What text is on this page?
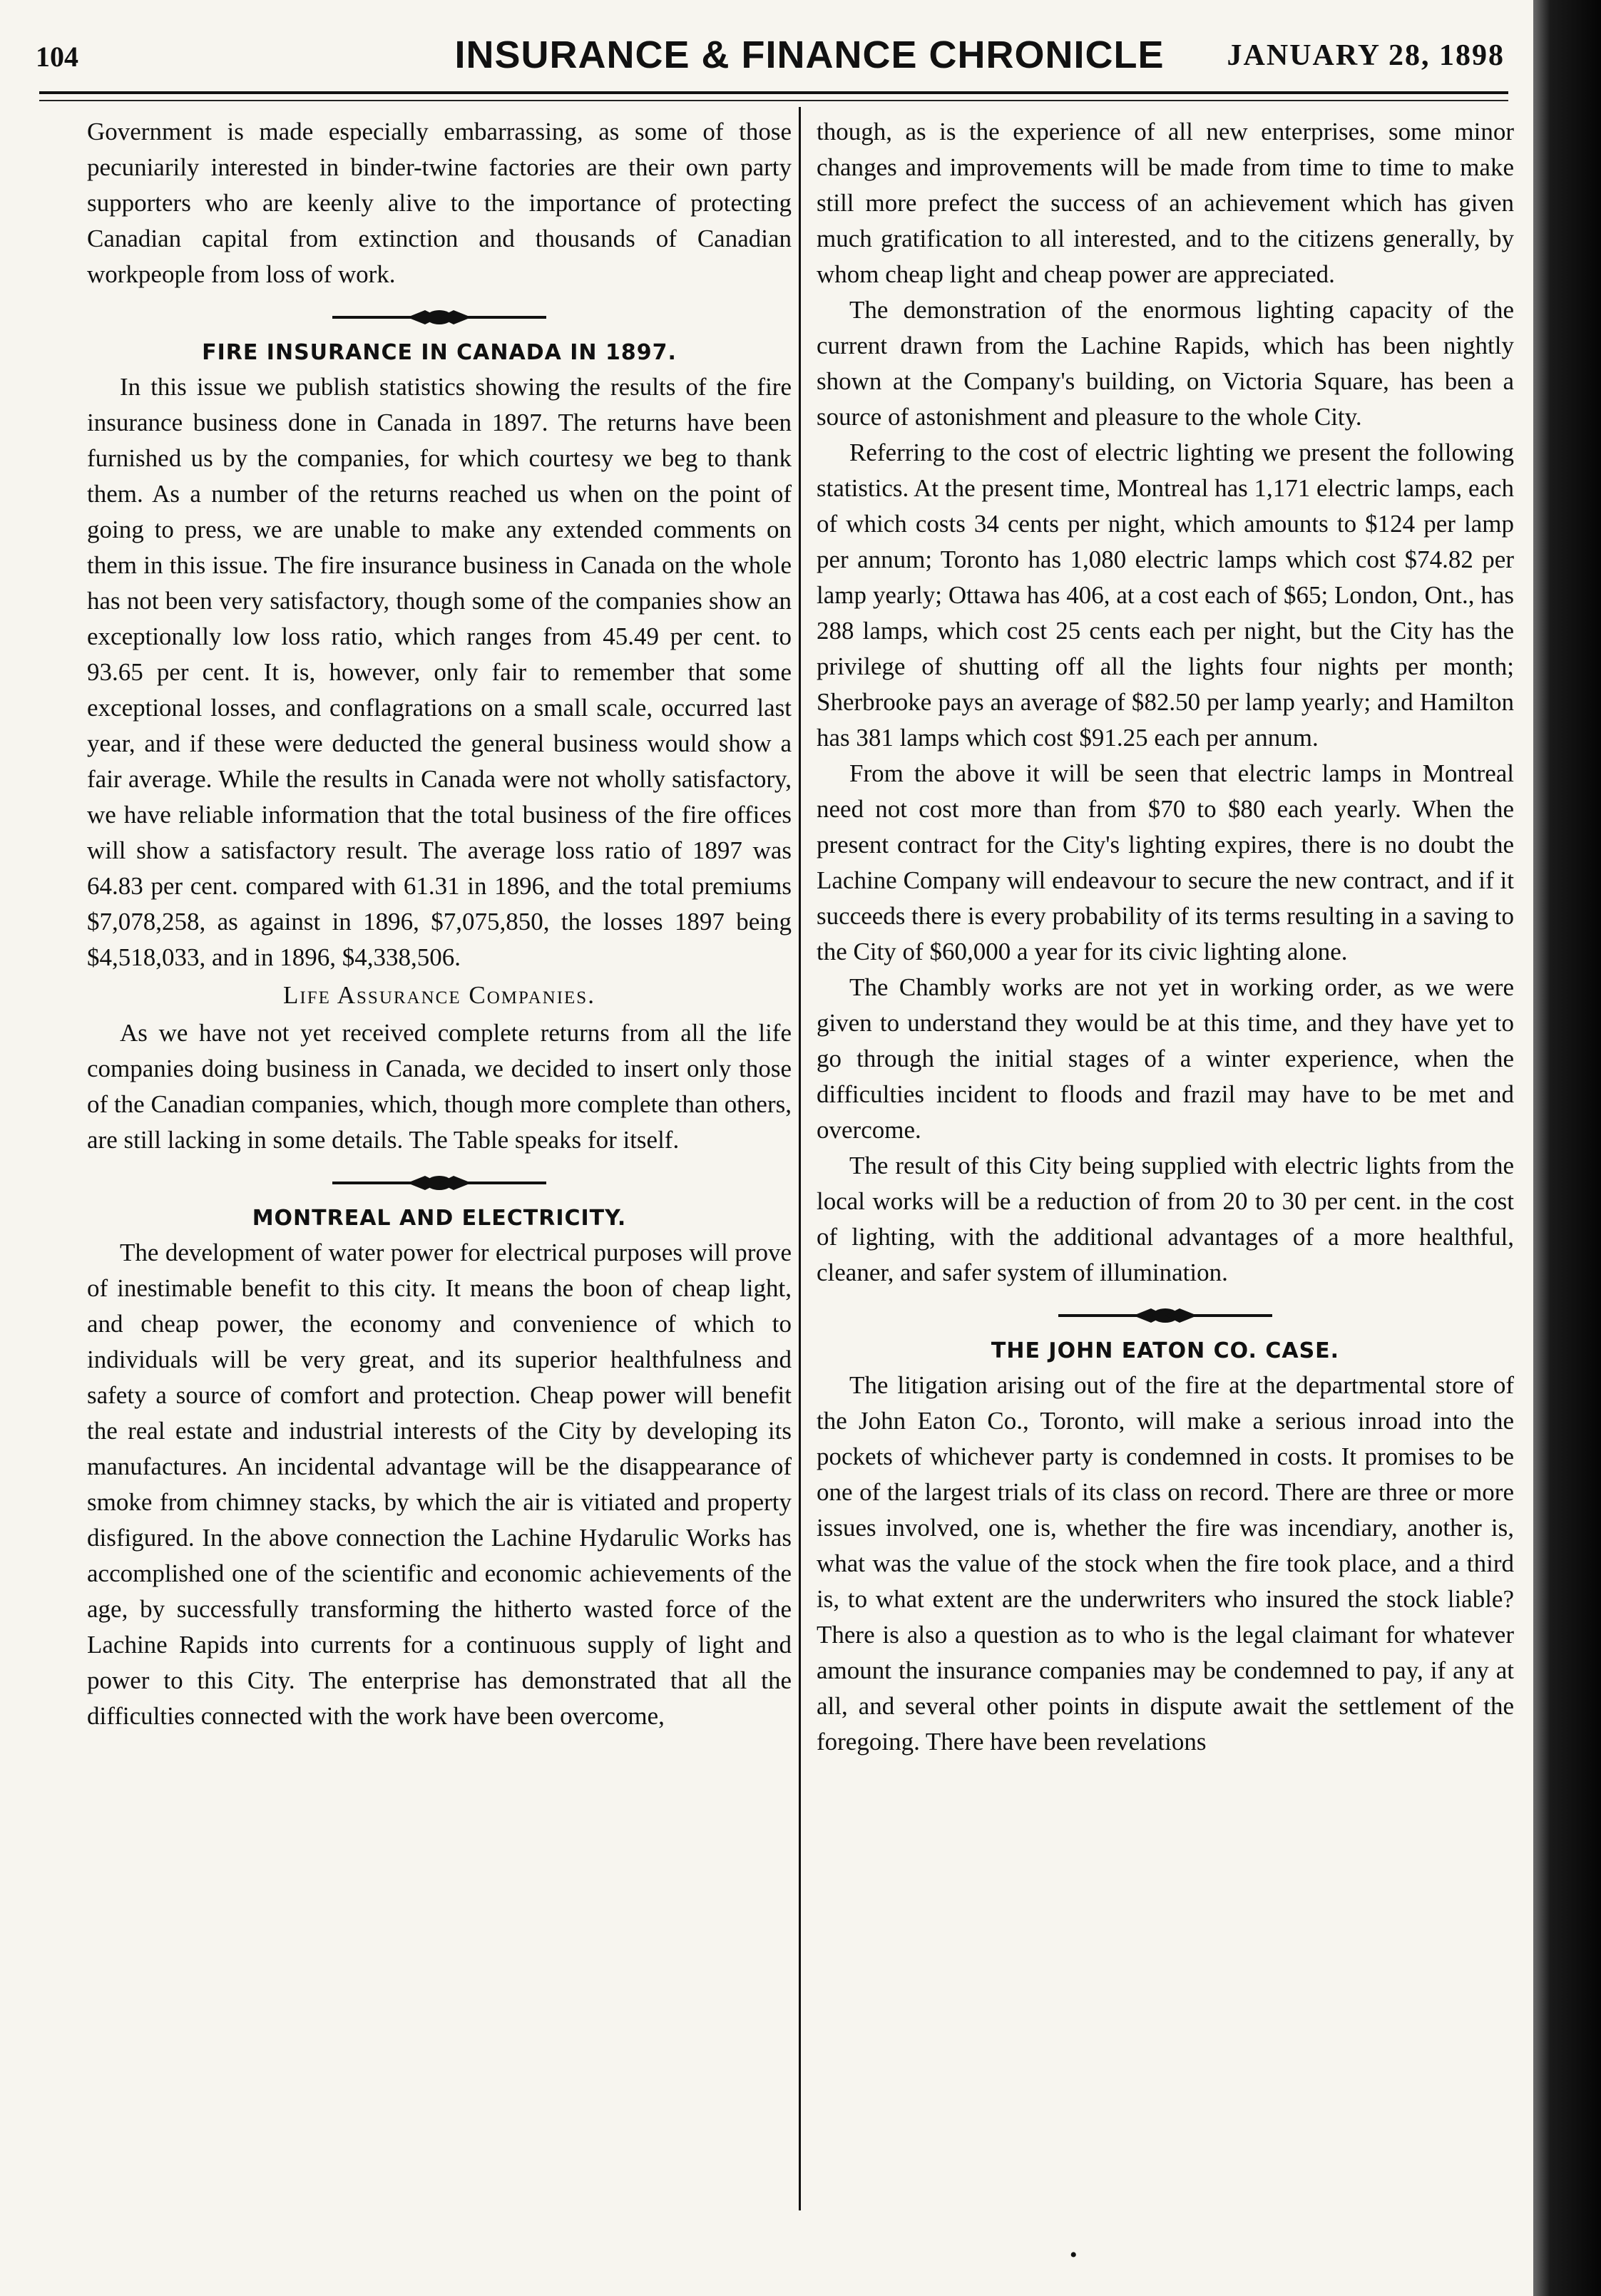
104	INSURANCE & FINANCE CHRONICLE	JANUARY 28, 1898

Government is made especially embarrassing, as some of those pecuniarily interested in binder-twine factories are their own party supporters who are keenly alive to the importance of protecting Canadian capital from extinction and thousands of Canadian workpeople from loss of work.

FIRE INSURANCE IN CANADA IN 1897.

In this issue we publish statistics showing the results of the fire insurance business done in Canada in 1897. The returns have been furnished us by the companies, for which courtesy we beg to thank them. As a number of the returns reached us when on the point of going to press, we are unable to make any extended comments on them in this issue. The fire insurance business in Canada on the whole has not been very satisfactory, though some of the companies show an exceptionally low loss ratio, which ranges from 45.49 per cent. to 93.65 per cent. It is, however, only fair to remember that some exceptional losses, and conflagrations on a small scale, occurred last year, and if these were deducted the general business would show a fair average. While the results in Canada were not wholly satisfactory, we have reliable information that the total business of the fire offices will show a satisfactory result. The average loss ratio of 1897 was 64.83 per cent. compared with 61.31 in 1896, and the total premiums $7,078,258, as against in 1896, $7,075,850, the losses 1897 being $4,518,033, and in 1896, $4,338,506.

Life Assurance Companies.

As we have not yet received complete returns from all the life companies doing business in Canada, we decided to insert only those of the Canadian companies, which, though more complete than others, are still lacking in some details. The Table speaks for itself.

MONTREAL AND ELECTRICITY.

The development of water power for electrical purposes will prove of inestimable benefit to this city. It means the boon of cheap light, and cheap power, the economy and convenience of which to individuals will be very great, and its superior healthfulness and safety a source of comfort and protection. Cheap power will benefit the real estate and industrial interests of the City by developing its manufactures. An incidental advantage will be the disappearance of smoke from chimney stacks, by which the air is vitiated and property disfigured. In the above connection the Lachine Hydarulic Works has accomplished one of the scientific and economic achievements of the age, by successfully transforming the hitherto wasted force of the Lachine Rapids into currents for a continuous supply of light and power to this City. The enterprise has demonstrated that all the difficulties connected with the work have been overcome,

though, as is the experience of all new enterprises, some minor changes and improvements will be made from time to time to make still more prefect the success of an achievement which has given much gratification to all interested, and to the citizens generally, by whom cheap light and cheap power are appreciated.

The demonstration of the enormous lighting capacity of the current drawn from the Lachine Rapids, which has been nightly shown at the Company's building, on Victoria Square, has been a source of astonishment and pleasure to the whole City.

Referring to the cost of electric lighting we present the following statistics. At the present time, Montreal has 1,171 electric lamps, each of which costs 34 cents per night, which amounts to $124 per lamp per annum; Toronto has 1,080 electric lamps which cost $74.82 per lamp yearly; Ottawa has 406, at a cost each of $65; London, Ont., has 288 lamps, which cost 25 cents each per night, but the City has the privilege of shutting off all the lights four nights per month; Sherbrooke pays an average of $82.50 per lamp yearly; and Hamilton has 381 lamps which cost $91.25 each per annum.

From the above it will be seen that electric lamps in Montreal need not cost more than from $70 to $80 each yearly. When the present contract for the City's lighting expires, there is no doubt the Lachine Company will endeavour to secure the new contract, and if it succeeds there is every probability of its terms resulting in a saving to the City of $60,000 a year for its civic lighting alone.

The Chambly works are not yet in working order, as we were given to understand they would be at this time, and they have yet to go through the initial stages of a winter experience, when the difficulties incident to floods and frazil may have to be met and overcome.

The result of this City being supplied with electric lights from the local works will be a reduction of from 20 to 30 per cent. in the cost of lighting, with the additional advantages of a more healthful, cleaner, and safer system of illumination.

THE JOHN EATON CO. CASE.

The litigation arising out of the fire at the departmental store of the John Eaton Co., Toronto, will make a serious inroad into the pockets of whichever party is condemned in costs. It promises to be one of the largest trials of its class on record. There are three or more issues involved, one is, whether the fire was incendiary, another is, what was the value of the stock when the fire took place, and a third is, to what extent are the underwriters who insured the stock liable? There is also a question as to who is the legal claimant for whatever amount the insurance companies may be condemned to pay, if any at all, and several other points in dispute await the settlement of the foregoing. There have been revelations

•
